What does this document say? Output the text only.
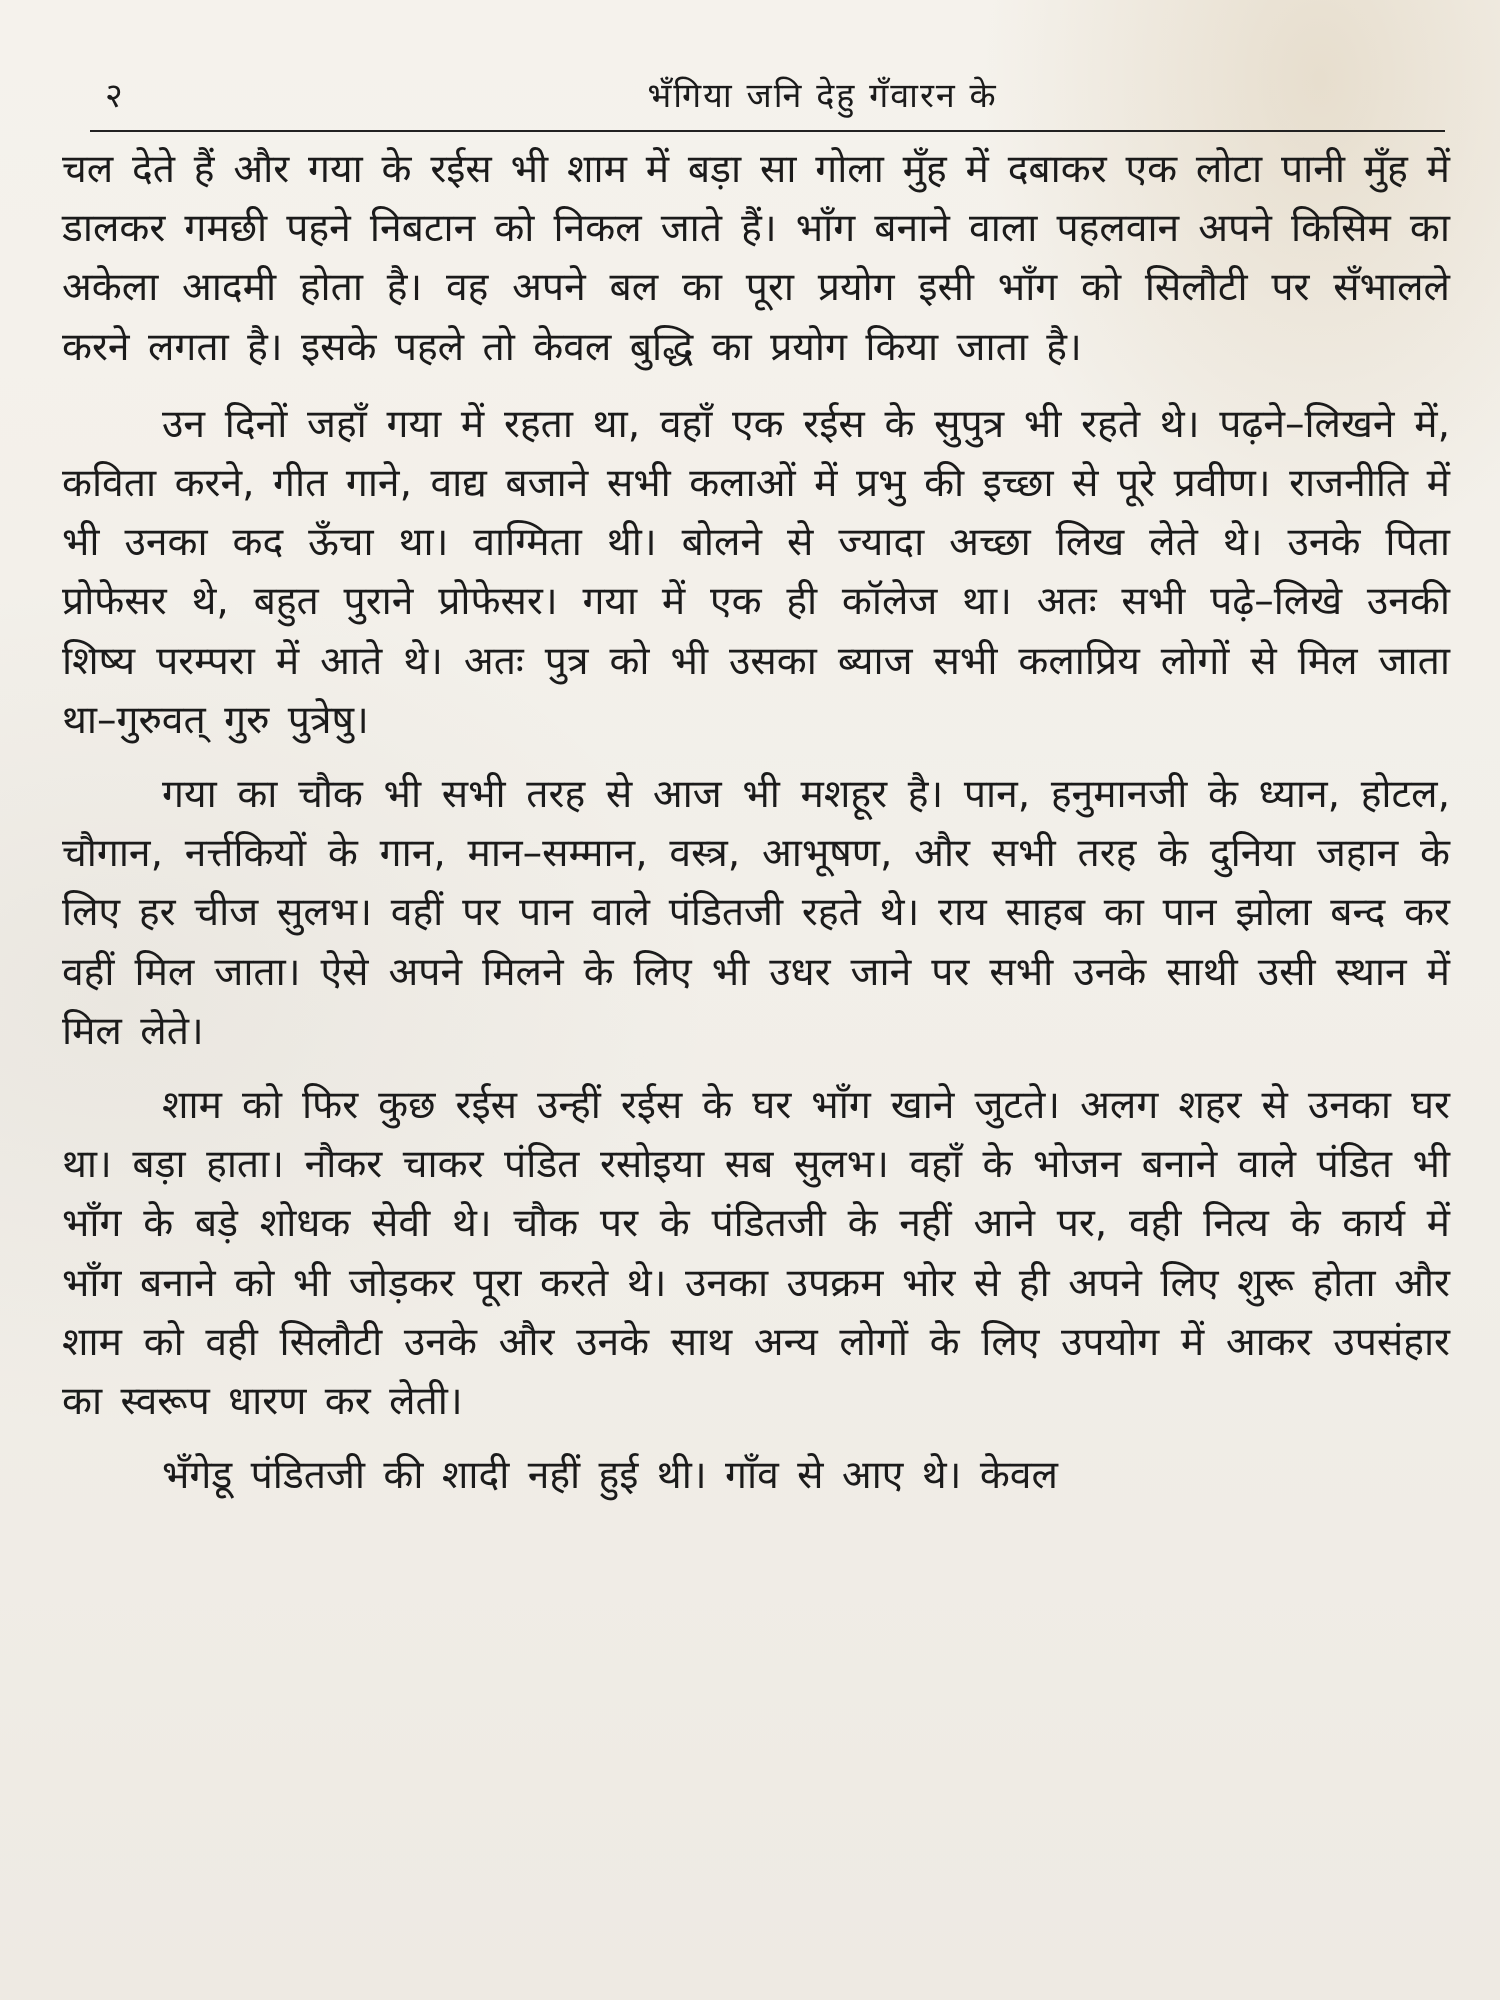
२	भँगिया जनि देहु गँवारन के

चल देते हैं और गया के रईस भी शाम में बड़ा सा गोला मुँह में दबाकर एक लोटा पानी मुँह में डालकर गमछी पहने निबटान को निकल जाते हैं। भाँग बनाने वाला पहलवान अपने किसिम का अकेला आदमी होता है। वह अपने बल का पूरा प्रयोग इसी भाँग को सिलौटी पर सँभालले करने लगता है। इसके पहले तो केवल बुद्धि का प्रयोग किया जाता है।

उन दिनों जहाँ गया में रहता था, वहाँ एक रईस के सुपुत्र भी रहते थे। पढ़ने–लिखने में, कविता करने, गीत गाने, वाद्य बजाने सभी कलाओं में प्रभु की इच्छा से पूरे प्रवीण। राजनीति में भी उनका कद ऊँचा था। वाग्मिता थी। बोलने से ज्यादा अच्छा लिख लेते थे। उनके पिता प्रोफेसर थे, बहुत पुराने प्रोफेसर। गया में एक ही कॉलेज था। अतः सभी पढ़े–लिखे उनकी शिष्य परम्परा में आते थे। अतः पुत्र को भी उसका ब्याज सभी कलाप्रिय लोगों से मिल जाता था–गुरुवत् गुरु पुत्रेषु।

गया का चौक भी सभी तरह से आज भी मशहूर है। पान, हनुमानजी के ध्यान, होटल, चौगान, नर्त्तकियों के गान, मान–सम्मान, वस्त्र, आभूषण, और सभी तरह के दुनिया जहान के लिए हर चीज सुलभ। वहीं पर पान वाले पंडितजी रहते थे। राय साहब का पान झोला बन्द कर वहीं मिल जाता। ऐसे अपने मिलने के लिए भी उधर जाने पर सभी उनके साथी उसी स्थान में मिल लेते।

शाम को फिर कुछ रईस उन्हीं रईस के घर भाँग खाने जुटते। अलग शहर से उनका घर था। बड़ा हाता। नौकर चाकर पंडित रसोइया सब सुलभ। वहाँ के भोजन बनाने वाले पंडित भी भाँग के बड़े शोधक सेवी थे। चौक पर के पंडितजी के नहीं आने पर, वही नित्य के कार्य में भाँग बनाने को भी जोड़कर पूरा करते थे। उनका उपक्रम भोर से ही अपने लिए शुरू होता और शाम को वही सिलौटी उनके और उनके साथ अन्य लोगों के लिए उपयोग में आकर उपसंहार का स्वरूप धारण कर लेती।

भँगेडू पंडितजी की शादी नहीं हुई थी। गाँव से आए थे। केवल
